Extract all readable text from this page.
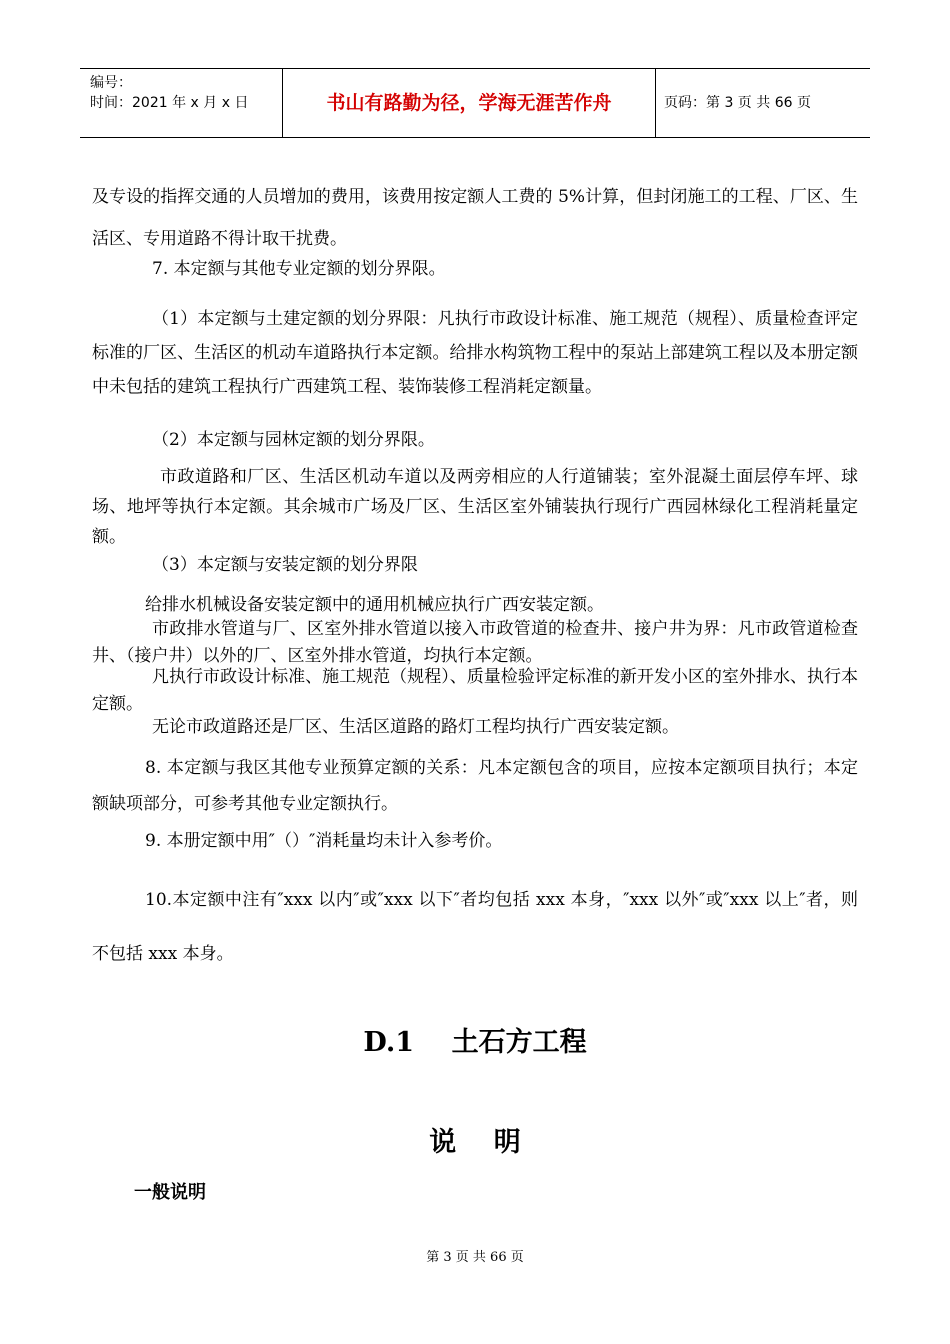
编号：
时间：2021 年 x 月 x 日	书山有路勤为径，学海无涯苦作舟	页码：第 3 页 共 66 页

及专设的指挥交通的人员增加的费用，该费用按定额人工费的 5%计算，但封闭施工的工程、厂区、生活区、专用道路不得计取干扰费。

7. 本定额与其他专业定额的划分界限。

（1）本定额与土建定额的划分界限：凡执行市政设计标准、施工规范（规程）、质量检查评定标准的厂区、生活区的机动车道路执行本定额。给排水构筑物工程中的泵站上部建筑工程以及本册定额中未包括的建筑工程执行广西建筑工程、装饰装修工程消耗定额量。

（2）本定额与园林定额的划分界限。

市政道路和厂区、生活区机动车道以及两旁相应的人行道铺装；室外混凝土面层停车坪、球场、地坪等执行本定额。其余城市广场及厂区、生活区室外铺装执行现行广西园林绿化工程消耗量定额。

（3）本定额与安装定额的划分界限

给排水机械设备安装定额中的通用机械应执行广西安装定额。

市政排水管道与厂、区室外排水管道以接入市政管道的检查井、接户井为界：凡市政管道检查井、（接户井）以外的厂、区室外排水管道，均执行本定额。

凡执行市政设计标准、施工规范（规程）、质量检验评定标准的新开发小区的室外排水、执行本定额。

无论市政道路还是厂区、生活区道路的路灯工程均执行广西安装定额。

8. 本定额与我区其他专业预算定额的关系：凡本定额包含的项目，应按本定额项目执行；本定额缺项部分，可参考其他专业定额执行。

9. 本册定额中用″（）″消耗量均未计入参考价。

10.本定额中注有″xxx 以内″或″xxx 以下″者均包括 xxx 本身，″xxx 以外″或″xxx 以上″者，则不包括 xxx 本身。

D.1    土石方工程
说    明
一般说明
第 3 页 共 66 页
